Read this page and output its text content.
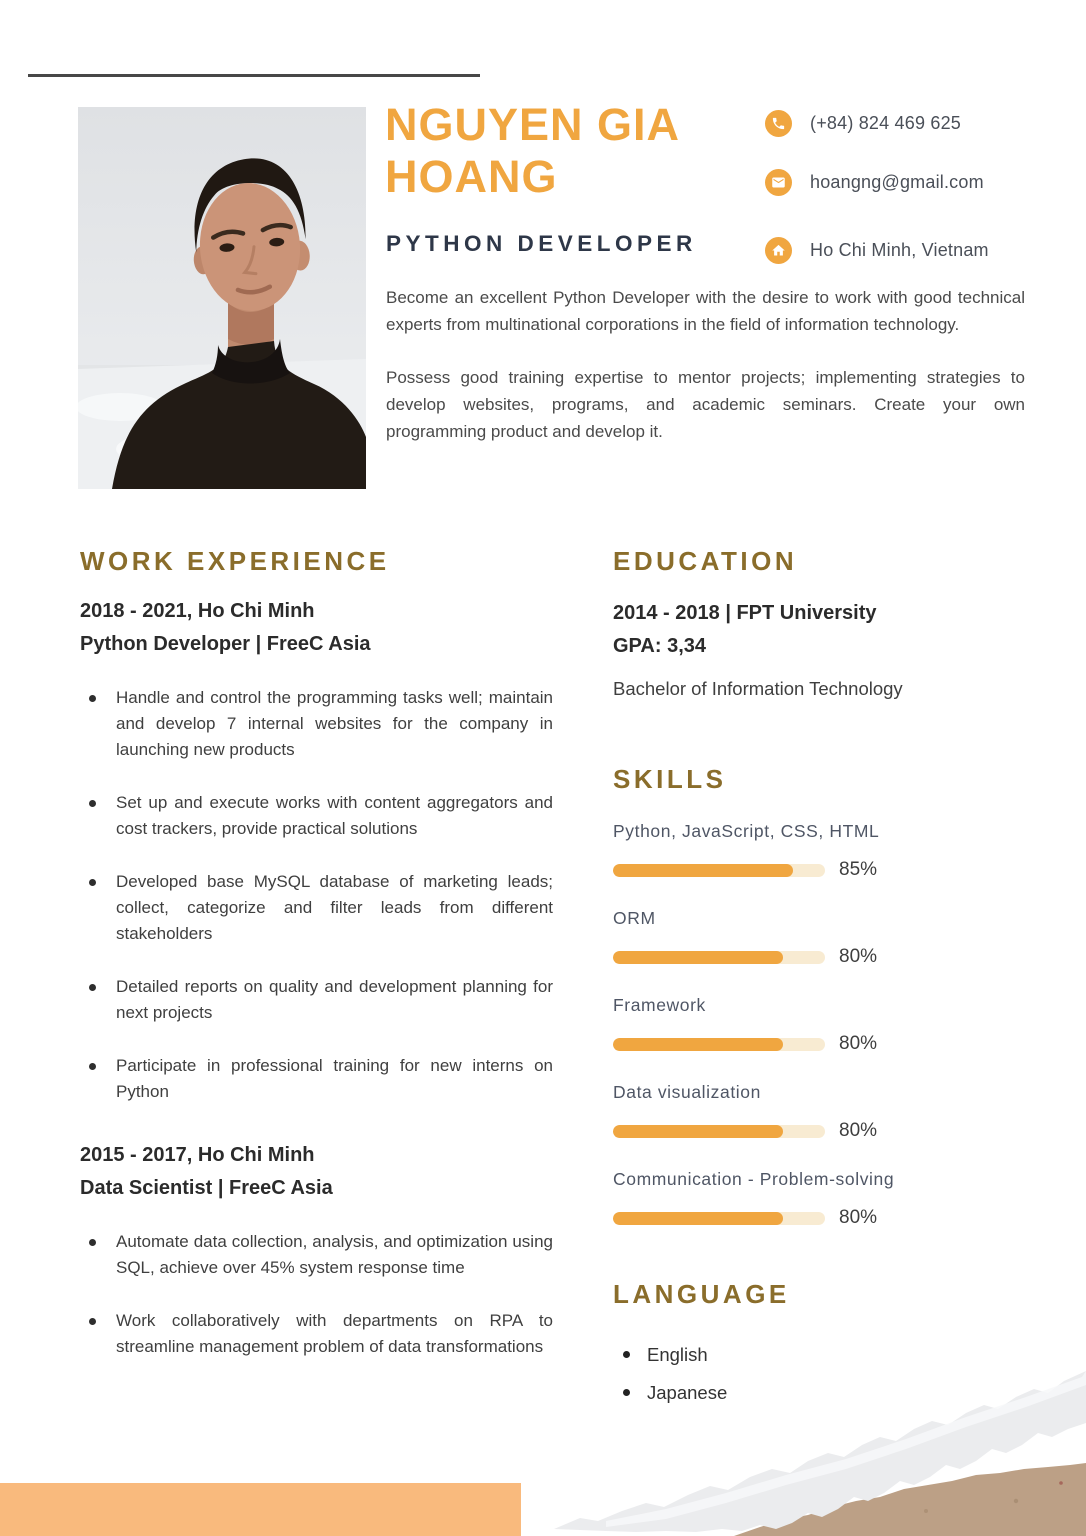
NGUYEN GIA HOANG
PYTHON DEVELOPER
(+84) 824 469 625
hoangng@gmail.com
Ho Chi Minh, Vietnam

Become an excellent Python Developer with the desire to work with good technical experts from multinational corporations in the field of information technology.

Possess good training expertise to mentor projects; implementing strategies to develop websites, programs, and academic seminars. Create your own programming product and develop it.

WORK EXPERIENCE
2018 - 2021, Ho Chi Minh
Python Developer | FreeC Asia
Handle and control the programming tasks well; maintain and develop 7 internal websites for the company in launching new products
Set up and execute works with content aggregators and cost trackers, provide practical solutions
Developed base MySQL database of marketing leads; collect, categorize and filter leads from different stakeholders
Detailed reports on quality and development planning for next projects
Participate in professional training for new interns on Python
2015 - 2017, Ho Chi Minh
Data Scientist | FreeC Asia
Automate data collection, analysis, and optimization using SQL, achieve over 45% system response time
Work collaboratively with departments on RPA to streamline management problem of data transformations
EDUCATION
2014 - 2018 | FPT University
GPA: 3,34
Bachelor of Information Technology
SKILLS
Python, JavaScript, CSS, HTML
85%
ORM
80%
Framework
80%
Data visualization
80%
Communication - Problem-solving
80%
LANGUAGE
English
Japanese
